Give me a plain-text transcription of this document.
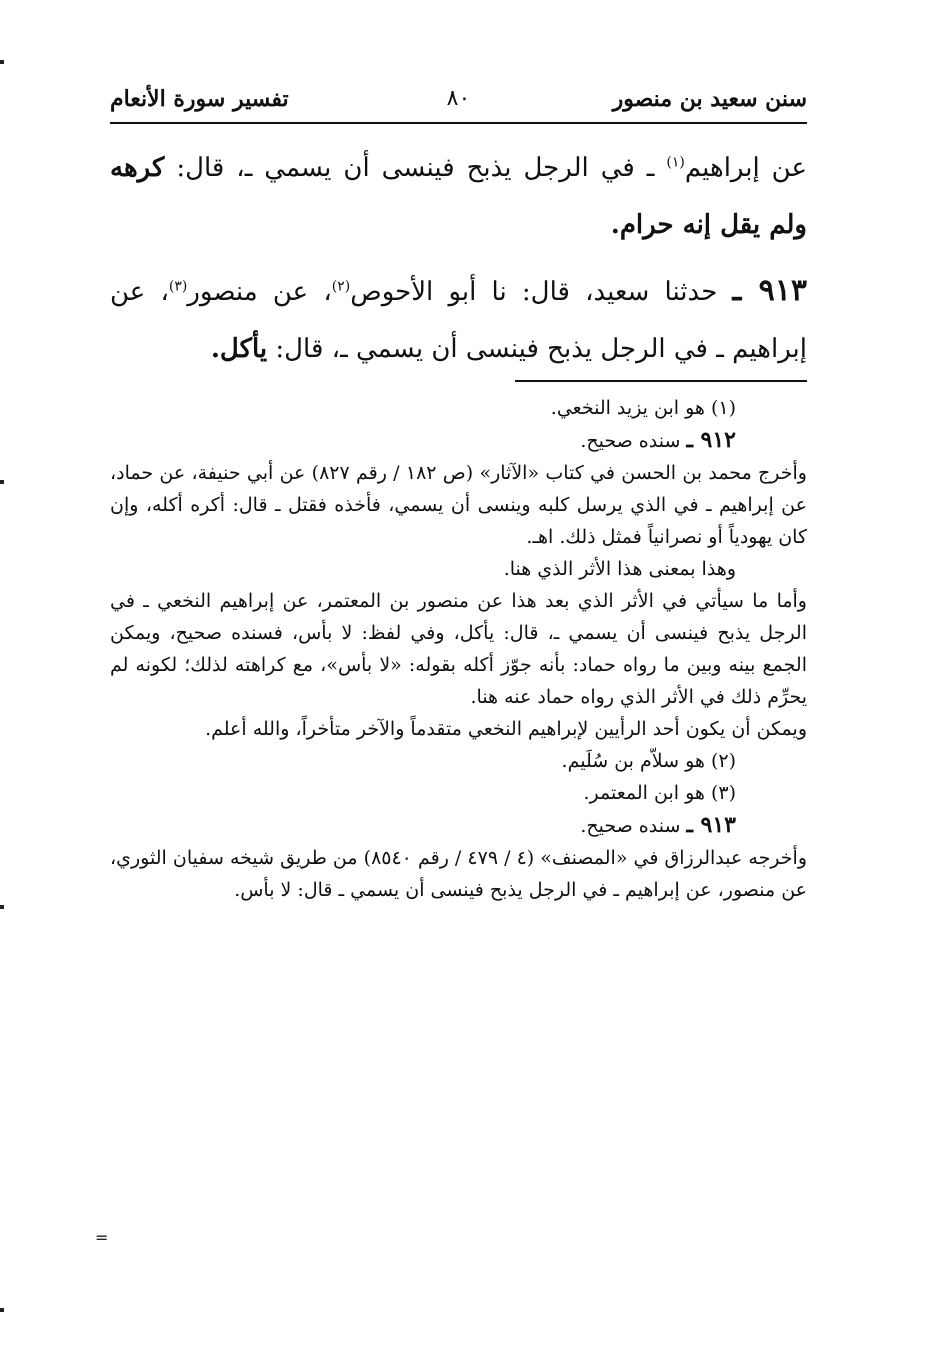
سنن سعيد بن منصور
٨٠
تفسير سورة الأنعام

عن إبراهيم$^{(١)}$ ـ في الرجل يذبح فينسى أن يسمي ـ، قال: كرهه ولم يقل إنه حرام.

٩١٣ ـ حدثنا سعيد، قال: نا أبو الأحوص$^{(٢)}$، عن منصور$^{(٣)}$، عن إبراهيم ـ في الرجل يذبح فينسى أن يسمي ـ، قال: يأكل.

(١) هو ابن يزيد النخعي.

٩١٢ ـ سنده صحيح.

وأخرج محمد بن الحسن في كتاب «الآثار» (ص ١٨٢ / رقم ٨٢٧) عن أبي حنيفة، عن حماد، عن إبراهيم ـ في الذي يرسل كلبه وينسى أن يسمي، فأخذه فقتل ـ قال: أكره أكله، وإن كان يهودياً أو نصرانياً فمثل ذلك. اهـ.

وهذا بمعنى هذا الأثر الذي هنا.

وأما ما سيأتي في الأثر الذي بعد هذا عن منصور بن المعتمر، عن إبراهيم النخعي ـ في الرجل يذبح فينسى أن يسمي ـ، قال: يأكل، وفي لفظ: لا بأس، فسنده صحيح، ويمكن الجمع بينه وبين ما رواه حماد: بأنه جوّز أكله بقوله: «لا بأس»، مع كراهته لذلك؛ لكونه لم يحرِّم ذلك في الأثر الذي رواه حماد عنه هنا.

ويمكن أن يكون أحد الرأيين لإبراهيم النخعي متقدماً والآخر متأخراً، والله أعلم.

(٢) هو سلاّم بن سُلَيم.

(٣) هو ابن المعتمر.

٩١٣ ـ سنده صحيح.

وأخرجه عبدالرزاق في «المصنف» (٤ / ٤٧٩ / رقم ٨٥٤٠) من طريق شيخه سفيان الثوري، عن منصور، عن إبراهيم ـ في الرجل يذبح فينسى أن يسمي ـ قال: لا بأس.

=
